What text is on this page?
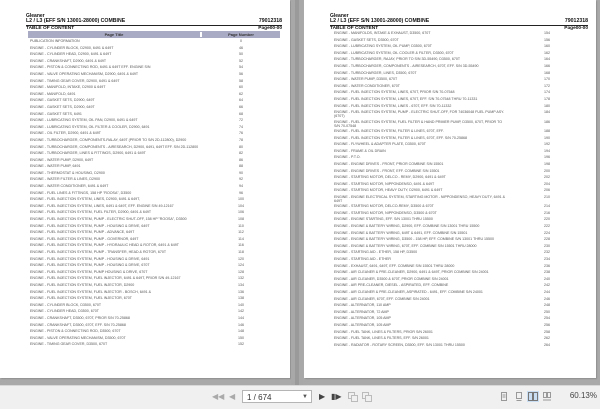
Gleaner
L2 / L3 (EFF S/N 13001-28000) COMBINE	79012318
TABLE OF CONTENT	Page00-00
Page Title	Page Number
PUBLICATION INFORMATION	0
ENGINE - CYLINDER BLOCK, D2900, 6491 & 649T	46
ENGINE - CYLINDER HEAD, D2900, 6491 & 649T	50
ENGINE - CRANKSHAFT, D2900, 6491 & 649T	52
ENGINE - PISTON & CONNECTING ROD, 6491 & 649T EFF. ENGINE S/N	54
ENGINE - VALVE OPERATING MECHANISM, D2900, 6491 & 649T	56
ENGINE - TIMING GEAR COVER, D2900, 6491 & 649T	58
ENGINE - MANIFOLD, INTAKE, D2900 & 649T	60
ENGINE - MANIFOLD, 6491	62
ENGINE - GASKET SETS, D2900, 649T	64
ENGINE - GASKET SETS, D2900, 649T	66
ENGINE - GASKET SETS, 6491	68
ENGINE - LUBRICATING SYSTEM, OIL PAN, D2900, 6491 & 649T	72
ENGINE - LUBRICATING SYSTEM, OIL FILTER & COOLER, D2900, 6491	74
ENGINE - OIL FILTER, D2900, 6491 & 649T	76
ENGINE - TURBOCHARGER, COMPONENTS-RALAY, 649T (PRIOR TO S/N 2D-112800), D2900	78
ENGINE - TURBOCHARGER, COMPONENTS - AIRESEARCH, D2900, 6491, 649T EFF. S/N 2D-112800	80
ENGINE - TURBOCHARGER, LINES & FITTINGS, D2900, 6491 & 649T	82
ENGINE - WATER PUMP, D2900, 649T	86
ENGINE - WATER PUMP, 6491	88
ENGINE - THERMOSTAT & HOUSING, D2900	90
ENGINE - WATER FILTER & LINES, D2900	92
ENGINE - WATER CONDITIONER, 6491 & 649T	94
ENGINE - FUEL LINES & FITTINGS, 158 HP "ROOSA", D3500	96
ENGINE - FUEL INJECTION SYSTEM, LINES, D2900, 6491 & 649T,	100
ENGINE - FUEL INJECTION SYSTEM, LINES, 6491 & 649T, EFF. ENGINE S/N 49-12167	104
ENGINE - FUEL INJECTION SYSTEM, FUEL FILTER, D2900, 6491 & 649T	106
ENGINE - FUEL INJECTION SYSTEM, PUMP - ELECTRIC SHUT-OFF, 158 HP "ROOSA", D3500	108
ENGINE - FUEL INJECTION SYSTEM, PUMP - HOUSING & DRIVE, 649T	110
ENGINE - FUEL INJECTION SYSTEM, PUMP - ADVANCE, 649T	112
ENGINE - FUEL INJECTION SYSTEM, PUMP - GOVERNOR, 649T	114
ENGINE - FUEL INJECTION SYSTEM, PUMP - HYDRAULIC HEAD & ROTOR, 6491 & 649T	116
ENGINE - FUEL INJECTION SYSTEM, PUMP - TRANSFER, HEAD & ROTOR, 670T	118
ENGINE - FUEL INJECTION SYSTEM, PUMP - HOUSING & DRIVE, 6491	120
ENGINE - FUEL INJECTION SYSTEM, PUMP - HOUSING & DRIVE, 670T	124
ENGINE - FUEL INJECTION SYSTEM, PUMP HOUSING & DRIVE, 670T	128
ENGINE - FUEL INJECTION SYSTEM, FUEL INJECTOR, 6491 & 649T, PRIOR S/N 49-12167	132
ENGINE - FUEL INJECTION SYSTEM, FUEL INJECTOR, D2900	134
ENGINE - FUEL INJECTION SYSTEM, FUEL INJECTOR - BOSCH, 6491 &	136
ENGINE - FUEL INJECTION SYSTEM, FUEL INJECTOR, 670T	138
ENGINE - CYLINDER BLOCK, D3500, 670T	140
ENGINE - CYLINDER HEAD, D3500, 670T	142
ENGINE - CRANKSHAFT, D3500, 670T, PRIOR S/N 70-25868	144
ENGINE - CRANKSHAFT, D3500, 670T, EFF. S/N 70-25868	146
ENGINE - PISTON & CONNECTING ROD, D3500, 670T	148
ENGINE - VALVE OPERATING MECHANISM, D3500, 670T	150
ENGINE - TIMING GEAR COVER, D3500, 670T	152
Gleaner
L2 / L3 (EFF S/N 13001-28000) COMBINE	79012318
TABLE OF CONTENT	Page00-00
ENGINE - MANIFOLDS, INTAKE & EXHAUST, D3500, 670T	154
ENGINE - GASKET SETS, D3500, 670T	156
ENGINE - LUBRICATING SYSTEM, OIL PUMP, D3500, 670T	160
ENGINE - LUBRICATING SYSTEM, OIL COOLER & FILTER, D3500, 670T	162
ENGINE - TURBOCHARGER, RAJAY, PRIOR TO S/N 3D-55490, D3500, 670T	164
ENGINE - TURBOCHARGER, COMPONENTS - AIRESEARCH, 670T, EFF. S/N 3D-55490	166
ENGINE - TURBOCHARGER, LINES, D3500, 670T	168
ENGINE - WATER PUMP, D3500, 670T	170
ENGINE - WATER CONDITIONER, 670T	172
ENGINE - FUEL INJECTION SYSTEM, LINES, 670T, PRIOR S/N 70-07548	174
ENGINE - FUEL INJECTION SYSTEM, LINES, 670T, EFF. S/N 70-07548 THRU 70-11331	178
ENGINE - FUEL INJECTION SYSTEM, LINES - 670T, EFF. S/N 70-11332	180
ENGINE - FUEL INJECTION SYSTEM, PUMP - ELECTRIC SHUT-OFF, FOR 74036048 FUEL PUMP ASY. (670T)
184
ENGINE - FUEL INJECTION SYSTEM, FUEL FILTER & HAND PRIMER PUMP, D3500, 670T, PRIOR TO S/N 70-07548
186
ENGINE - FUEL INJECTION SYSTEM, FILTER & LINES, 670T, EFF.	188
ENGINE - FUEL INJECTION SYSTEM, FILTER & LINES, 670T, EFF. S/N 70-25868	190
ENGINE - FLYWHEEL & ADAPTER PLATE, D3500, 670T	192
ENGINE - FRAME & OIL DRAIN	194
ENGINE - P.T.O.	196
ENGINE - ENGINE DRIVES - FRONT, PRIOR COMBINE S/N 15501	198
ENGINE - ENGINE DRIVES - FRONT, EFF. COMBINE S/N 15501	200
ENGINE - STARTING MOTOR, DELCO - REMY, D2900, 6491 & 649T	202
ENGINE - STARTING MOTOR, NIPPONDENSO, 6491 & 649T	204
ENGINE - STARTING MOTOR, HEAVY DUTY, D2900, 6491 & 649T	206
ENGINE - ENGINE ELECTRICAL SYSTEM, STARTING MOTOR - NIPPONDENSO, HEAVY DUTY, 6491 & 649T
210
ENGINE - STARTING MOTOR, DELCO-REMY, D3500 & 670T	214
ENGINE - STARTING MOTOR, NIPPONDENSO, D3500 & 670T	216
ENGINE - ENGINE STARTING, EFF. S/N 13001 THRU 15500	220
ENGINE - ENGINE & BATTERY WIRING, D2900, EFF. COMBINE S/N 13001 THRU 15500	222
ENGINE - ENGINE & BATTERY WIRING, 649T & 6491, EFF. COMBINE S/N 15501	224
ENGINE - ENGINE & BATTERY WIRING, D3500 - 158 HP, EFF. COMBINE S/N 13001 THRU 15500	228
ENGINE - ENGINE & BATTERY WIRING, 670T, EFF. COMBINE S/N 15501 THRU 28000	230
ENGINE - STARTING AID - ETHER, 158 HP, D3500	232
ENGINE - STARTING AID - ETHER	234
ENGINE - EXHAUST, 6491, 649T, EFF. COMBINE S/N 15501 THRU 28000	236
ENGINE - AIR CLEANER & PRE-CLEANER, D2900, 6491 & 649T, PRIOR COMBINE S/N 24001	238
ENGINE - AIR CLEANER, D3500 & 670T, PRIOR COMBINE S/N 24001	240
ENGINE - AIR PRE-CLEANER, DIESEL - ASPIRATED, EFF. COMBINE	242
ENGINE - AIR CLEANER & PRE-CLEANER, ASPIRATED - 6491, EFF. COMBINE S/N 24001	244
ENGINE - AIR CLEANER, 670T, EFF. COMBINE S/N 24001	246
ENGINE - ALTERNATOR, 110 AMP	248
ENGINE - ALTERNATOR, 72 AMP	250
ENGINE - ALTERNATOR, 105 AMP	254
ENGINE - ALTERNATOR, 105 AMP	256
ENGINE - FUEL TANK, LINES & FILTERS, PRIOR S/N 26001	258
ENGINE - FUEL TANK, LINES & FILTERS, EFF. S/N 26001	262
ENGINE - RADIATOR - ROTARY SCREEN, D3500, EFF. S/N 13001 THRU 15500	264
◀◀ ◀	1 / 674	▼ ▶ ▮▶	60.13%
